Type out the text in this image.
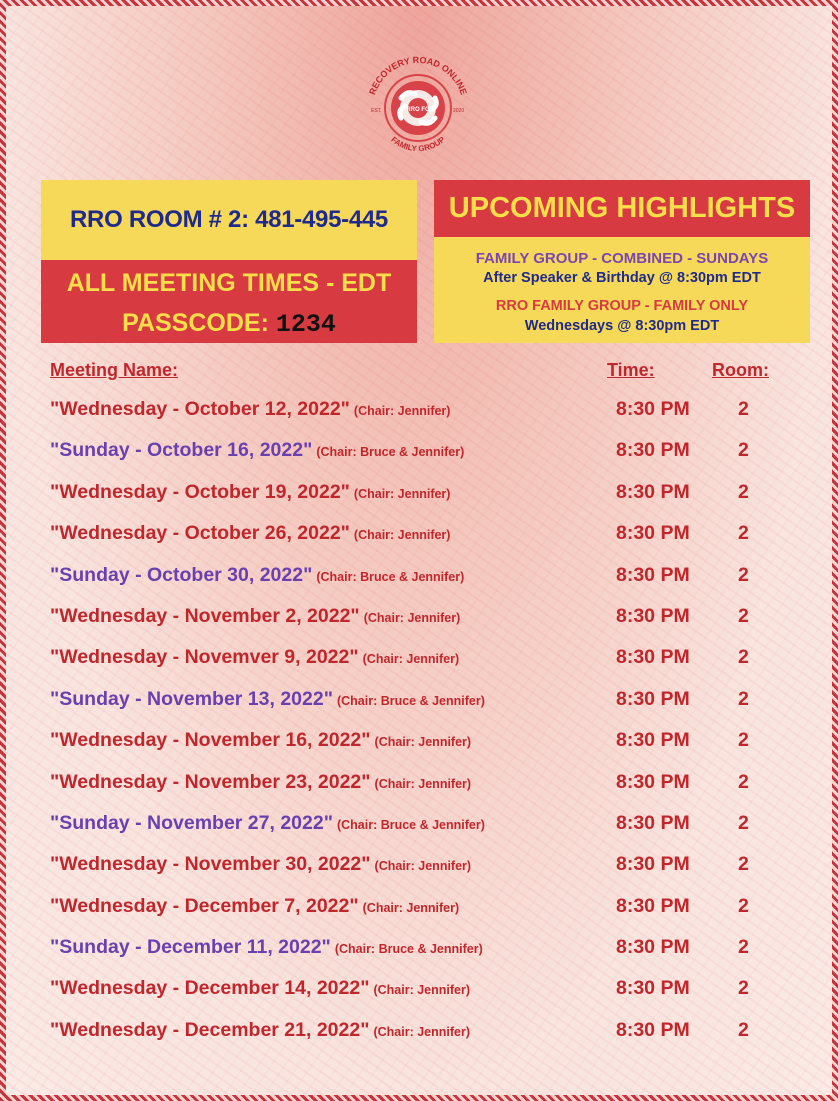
RECOVERY ROAD ONLINE
FAMILY GROUP
RRO FG
EST.	2020
RRO ROOM # 2: 481-495-445
ALL MEETING TIMES - EDT
PASSCODE: 1234
UPCOMING HIGHLIGHTS
FAMILY GROUP - COMBINED - SUNDAYS
After Speaker & Birthday @ 8:30pm EDT
RRO FAMILY GROUP - FAMILY ONLY
Wednesdays @ 8:30pm EDT
Meeting Name:	Time:	Room:
"Wednesday - October 12, 2022" (Chair: Jennifer)	8:30 PM 2
"Sunday - October 16, 2022" (Chair: Bruce & Jennifer)	8:30 PM 2
"Wednesday - October 19, 2022" (Chair: Jennifer)	8:30 PM 2
"Wednesday - October 26, 2022" (Chair: Jennifer)	8:30 PM 2
"Sunday - October 30, 2022" (Chair: Bruce & Jennifer)	8:30 PM 2
"Wednesday - November 2, 2022" (Chair: Jennifer)	8:30 PM 2
"Wednesday - Novemver 9, 2022" (Chair: Jennifer)	8:30 PM 2
"Sunday - November 13, 2022" (Chair: Bruce & Jennifer)	8:30 PM 2
"Wednesday - November 16, 2022" (Chair: Jennifer)	8:30 PM 2
"Wednesday - November 23, 2022" (Chair: Jennifer)	8:30 PM 2
"Sunday - November 27, 2022" (Chair: Bruce & Jennifer)	8:30 PM 2
"Wednesday - November 30, 2022" (Chair: Jennifer)	8:30 PM 2
"Wednesday - December 7, 2022" (Chair: Jennifer)	8:30 PM 2
"Sunday - December 11, 2022" (Chair: Bruce & Jennifer)	8:30 PM 2
"Wednesday - December 14, 2022" (Chair: Jennifer)	8:30 PM 2
"Wednesday - December 21, 2022" (Chair: Jennifer)	8:30 PM 2
